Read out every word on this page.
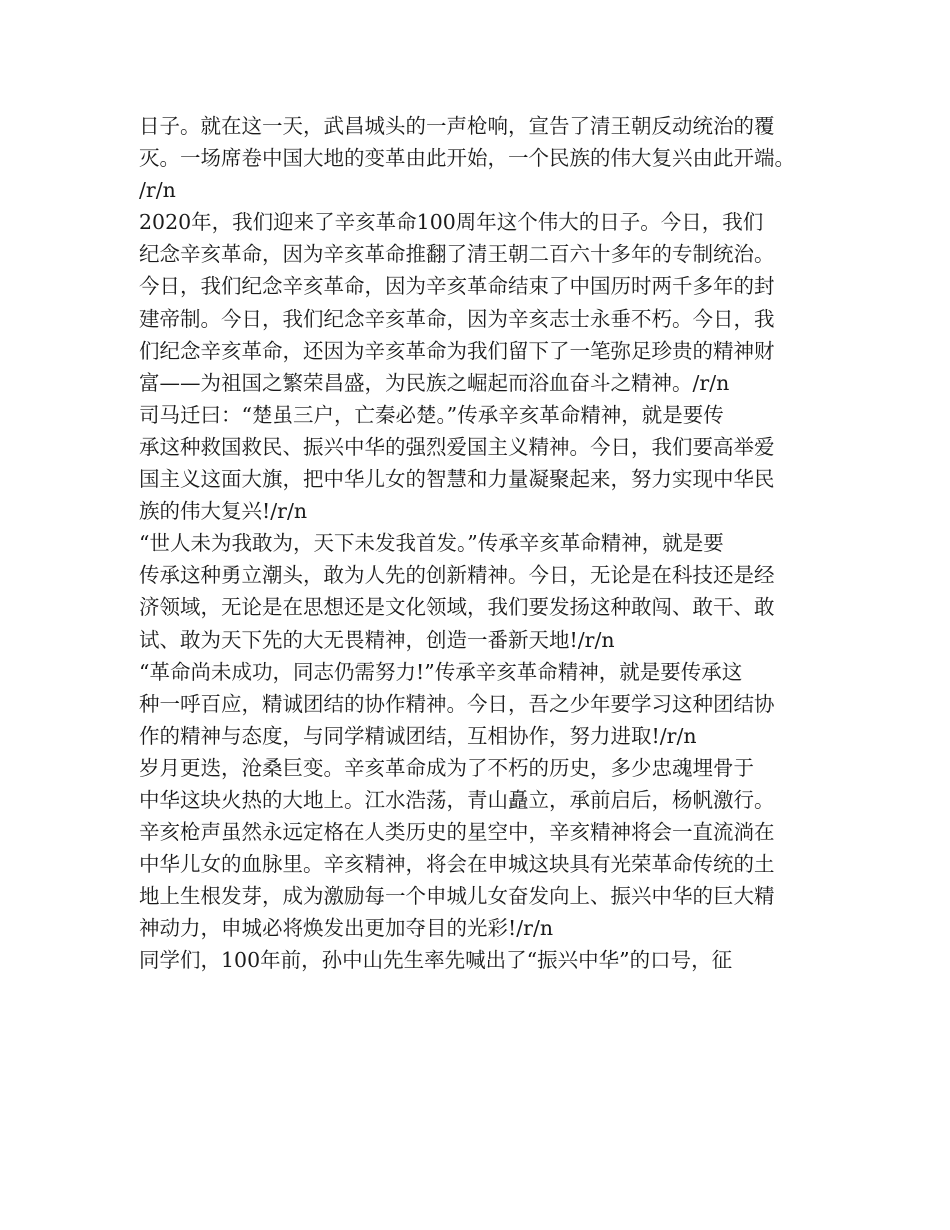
日子。就在这一天，武昌城头的一声枪响，宣告了清王朝反动统治的覆
灭。一场席卷中国大地的变革由此开始，一个民族的伟大复兴由此开端。
/r/n
2020年，我们迎来了辛亥革命100周年这个伟大的日子。今日，我们
纪念辛亥革命，因为辛亥革命推翻了清王朝二百六十多年的专制统治。
今日，我们纪念辛亥革命，因为辛亥革命结束了中国历时两千多年的封
建帝制。今日，我们纪念辛亥革命，因为辛亥志士永垂不朽。今日，我
们纪念辛亥革命，还因为辛亥革命为我们留下了一笔弥足珍贵的精神财
富——为祖国之繁荣昌盛，为民族之崛起而浴血奋斗之精神。/r/n
司马迁曰：“楚虽三户，亡秦必楚。”传承辛亥革命精神，就是要传
承这种救国救民、振兴中华的强烈爱国主义精神。今日，我们要高举爱
国主义这面大旗，把中华儿女的智慧和力量凝聚起来，努力实现中华民
族的伟大复兴!/r/n
“世人未为我敢为，天下未发我首发。”传承辛亥革命精神，就是要
传承这种勇立潮头，敢为人先的创新精神。今日，无论是在科技还是经
济领域，无论是在思想还是文化领域，我们要发扬这种敢闯、敢干、敢
试、敢为天下先的大无畏精神，创造一番新天地!/r/n
“革命尚未成功，同志仍需努力!”传承辛亥革命精神，就是要传承这
种一呼百应，精诚团结的协作精神。今日，吾之少年要学习这种团结协
作的精神与态度，与同学精诚团结，互相协作，努力进取!/r/n
岁月更迭，沧桑巨变。辛亥革命成为了不朽的历史，多少忠魂埋骨于
中华这块火热的大地上。江水浩荡，青山矗立，承前启后，杨帆激行。
辛亥枪声虽然永远定格在人类历史的星空中，辛亥精神将会一直流淌在
中华儿女的血脉里。辛亥精神，将会在申城这块具有光荣革命传统的土
地上生根发芽，成为激励每一个申城儿女奋发向上、振兴中华的巨大精
神动力，申城必将焕发出更加夺目的光彩!/r/n
同学们，100年前，孙中山先生率先喊出了“振兴中华”的口号，征
